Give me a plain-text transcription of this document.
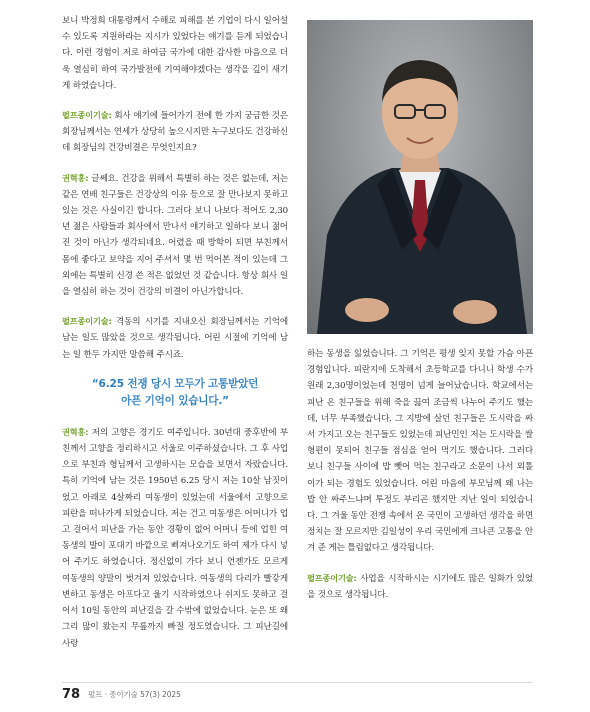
보니 박정희 대통령께서 수해로 피해를 본 기업이 다시 일어설 수 있도록 지원하라는 지시가 있었다는 얘기를 듣게 되었습니다. 이런 경험이 저로 하여금 국가에 대한 감사한 마음으로 더욱 열심히 하여 국가발전에 기여해야겠다는 생각을 깊이 새기게 하였습니다.

펄프종이기술: 회사 얘기에 들어가기 전에 한 가지 궁금한 것은 회장님께서는 연세가 상당히 높으시지만 누구보다도 건강하신 데 회장님의 건강비결은 무엇인지요?

권혁홍: 글쎄요. 건강을 위해서 특별히 하는 것은 없는데, 저는 같은 연배 친구들은 건강상의 이유 등으로 잘 만나보지 못하고 있는 것은 사실이긴 합니다. 그러다 보니 나보다 적어도 2,30년 젊은 사람들과 회사에서 만나서 얘기하고 일하다 보니 젊어진 것이 아닌가 생각되네요. 어렸을 때 방학이 되면 부친께서 몸에 좋다고 보약을 지어 주셔서 몇 번 먹어본 적이 있는데 그 외에는 특별히 신경 쓴 적은 없었던 것 같습니다. 항상 회사 일을 열심히 하는 것이 건강의 비결이 아닌가합니다.

펄프종이기술: 격동의 시기를 지내오신 회장님께서는 기억에 남는 일도 많았을 것으로 생각됩니다. 어린 시절에 기억에 남는 일 한두 가지만 말씀해 주시죠.

“6.25 전쟁 당시 모두가 고통받았던
아픈 기억이 있습니다.”

권혁홍: 저의 고향은 경기도 여주입니다. 30년대 중후반에 부친께서 고향을 정리하시고 서울로 이주하셨습니다. 그 후 사업으로 부친과 형님께서 고생하시는 모습을 보면서 자랐습니다. 특히 기억에 남는 것은 1950년 6.25 당시 저는 10살 남짓이었고 아래로 4살짜리 여동생이 있었는데 서울에서 고향으로 피란을 떠나가게 되었습니다. 저는 건고 여동생은 어머니가 업고 걸어서 피난을 가는 동안 경황이 없어 어머니 등에 업힌 여동생의 발이 포대기 바깥으로 삐져나오기도 하여 제가 다시 넣어 주기도 하였습니다. 정신없이 가다 보니 언젠가도 모르게 여동생의 양말이 벗겨져 있었습니다. 여동생의 다리가 빨갛게 변하고 동생은 아프다고 울기 시작하였으나 쉬지도 못하고 걸어서 10일 동안의 피난길을 갈 수밖에 없었습니다. 눈은 또 왜 그리 많이 왔는지 무릎까지 빠질 정도였습니다. 그 피난길에 사랑

하는 동생을 잃었습니다. 그 기억은 평생 잊지 못할 가슴 아픈 경험입니다. 피란지에 도착해서 초등학교를 다니니 학생 수가 원래 2,30명이었는데 천명이 넘게 늘어났습니다. 학교에서는 피난 온 친구들을 위해 죽을 끓여 조금씩 나누어 주기도 했는데, 너무 부족했습니다. 그 지방에 살던 친구들은 도시락을 싸서 가지고 오는 친구들도 있었는데 피난민인 저는 도시락을 쌀 형편이 못되어 친구들 점심을 얻어 먹기도 했습니다. 그러다 보니 친구들 사이에 밥 뺏어 먹는 친구라고 소문이 나서 외톨이가 되는 경험도 있었습니다. 어린 마음에 부모님께 왜 나는 밥 안 싸주느냐며 투정도 부리곤 했지만 지난 일이 되었습니다. 그 겨울 동안 전쟁 속에서 온 국민이 고생하던 생각을 하면 정치는 잘 모르지만 김일성이 우리 국민에게 크나큰 고통을 안겨 준 게는 틀림없다고 생각됩니다.

펄프종이기술: 사업을 시작하시는 시기에도 많은 일화가 있었을 것으로 생각됩니다.

78 펄프 · 종이기술 57(3) 2025
